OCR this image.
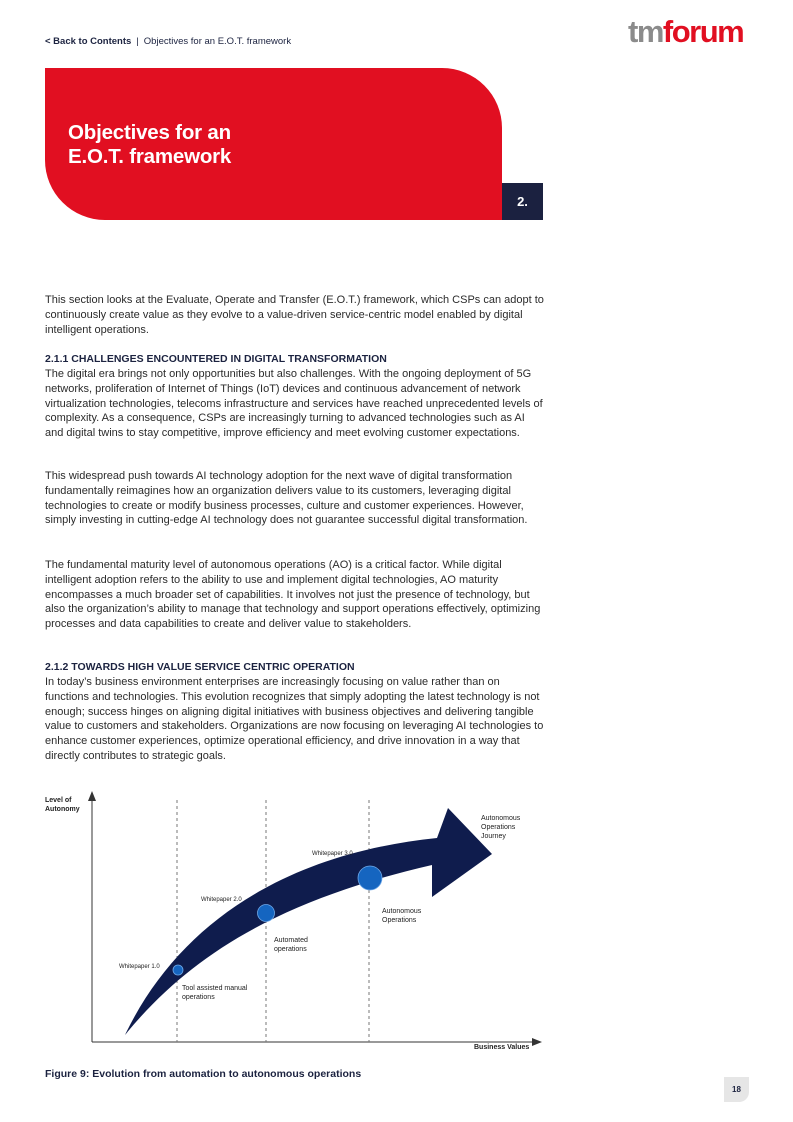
< Back to Contents | Objectives for an E.O.T. framework	tmforum
Objectives for an
E.O.T. framework
2.

This section looks at the Evaluate, Operate and Transfer (E.O.T.) framework, which CSPs can adopt to continuously create value as they evolve to a value-driven service-centric model enabled by digital intelligent operations.

2.1.1 CHALLENGES ENCOUNTERED IN DIGITAL TRANSFORMATION

The digital era brings not only opportunities but also challenges. With the ongoing deployment of 5G networks, proliferation of Internet of Things (IoT) devices and continuous advancement of network virtualization technologies, telecoms infrastructure and services have reached unprecedented levels of complexity. As a consequence, CSPs are increasingly turning to advanced technologies such as AI and digital twins to stay competitive, improve efficiency and meet evolving customer expectations.

This widespread push towards AI technology adoption for the next wave of digital transformation fundamentally reimagines how an organization delivers value to its customers, leveraging digital technologies to create or modify business processes, culture and customer experiences. However, simply investing in cutting-edge AI technology does not guarantee successful digital transformation.

The fundamental maturity level of autonomous operations (AO) is a critical factor. While digital intelligent adoption refers to the ability to use and implement digital technologies, AO maturity encompasses a much broader set of capabilities. It involves not just the presence of technology, but also the organization’s ability to manage that technology and support operations effectively, optimizing processes and data capabilities to create and deliver value to stakeholders.

2.1.2 TOWARDS HIGH VALUE SERVICE CENTRIC OPERATION

In today’s business environment enterprises are increasingly focusing on value rather than on functions and technologies. This evolution recognizes that simply adopting the latest technology is not enough; success hinges on aligning digital initiatives with business objectives and delivering tangible value to customers and stakeholders. Organizations are now focusing on leveraging AI technologies to enhance customer experiences, optimize operational efficiency, and drive innovation in a way that directly contributes to strategic goals.

Level of
Autonomy
Business Values
Whitepaper 1.0
Whitepaper 2.0
Whitepaper 3.0
Tool assisted manual
operations
Automated
operations
Autonomous
Operations
Autonomous
Operations
Journey
Figure 9: Evolution from automation to autonomous operations
18
